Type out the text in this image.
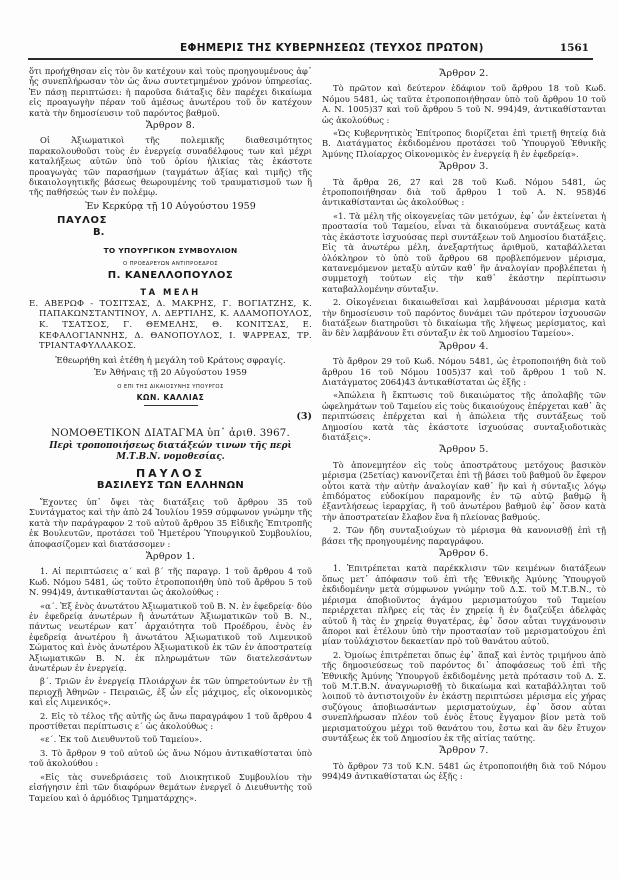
ΕΦΗΜΕΡΙΣ ΤΗΣ ΚΥΒΕΡΝΗΣΕΩΣ (ΤΕΥΧΟΣ ΠΡΩΤΟΝ)	1561

ὅτι προήχθησαν εἰς τὸν ὃν κατέχουν καὶ τοὺς προηγουμένους ἀφ᾽ ἧς συνεπλήρωσαν τὸν ὡς ἄνω συντετμημένον χρόνον ὑπηρεσίας. Ἐν πάσῃ περιπτώσει: ἡ παροῦσα διάταξις δὲν παρέχει δικαίωμα εἰς προαγωγὴν πέραν τοῦ ἀμέσως ἀνωτέρου τοῦ ὃν κατέχουν κατὰ τὴν δημοσίευσιν τοῦ παρόντος βαθμοῦ.

Ἄρθρον 8.

Οἱ Ἀξιωματικοὶ τῆς πολεμικῆς διαθεσιμότητος παρακολουθοῦσι τοὺς ἐν ἐνεργείᾳ συναδέλφους των καὶ μέχρι καταλήξεως αὐτῶν ὑπὸ τοῦ ὁρίου ἡλικίας τὰς ἑκάστοτε προαγωγὰς τῶν παρασήμων (ταγμάτων ἀξίας καὶ τιμῆς) τῆς δικαιολογητικῆς βάσεως θεωρουμένης τοῦ τραυματισμοῦ των ἢ τῆς παθήσεώς των ἐν πολέμῳ.

Ἐν Κερκύρᾳ τῇ 10 Αὐγούστου 1959
ΠΑΥΛΟΣ
Β.
ΤΟ ΥΠΟΥΡΓΙΚΟΝ ΣΥΜΒΟΥΛΙΟΝ
Ο ΠΡΟΕΔΡΕΥΩΝ ΑΝΤΙΠΡΟΕΔΡΟΣ
Π. ΚΑΝΕΛΛΟΠΟΥΛΟΣ
ΤΑ ΜΕΛΗ

Ε. ΑΒΕΡΩΦ - ΤΟΣΙΤΣΑΣ, Δ. ΜΑΚΡΗΣ, Γ. ΒΟΓΙΑΤΖΗΣ, Κ. ΠΑΠΑΚΩΝΣΤΑΝΤΙΝΟΥ, Λ. ΔΕΡΤΙΛΗΣ, Κ. ΑΔΑΜΟΠΟΥΛΟΣ, Κ. ΤΣΑΤΣΟΣ, Γ. ΘΕΜΕΛΗΣ, Θ. ΚΟΝΙΤΣΑΣ, Ε. ΚΕΦΑΛΟΓΙΑΝΝΗΣ, Δ. ΘΑΝΟΠΟΥΛΟΣ, Ι. ΨΑΡΡΕΑΣ, ΤΡ. ΤΡΙΑΝΤΑΦΥΛΛΑΚΟΣ.

Ἐθεωρήθη καὶ ἐτέθη ἡ μεγάλη τοῦ Κράτους σφραγίς.
Ἐν Ἀθήναις τῇ 20 Αὐγούστου 1959
Ο ΕΠΙ ΤΗΣ ΔΙΚΑΙΟΣΥΝΗΣ ΥΠΟΥΡΓΟΣ
ΚΩΝ. ΚΑΛΛΙΑΣ
(3)
ΝΟΜΟΘΕΤΙΚΟΝ ΔΙΑΤΑΓΜΑ ὑπ᾽ ἀριθ. 3967.
Περὶ τροποποιήσεως διατάξεών τινων τῆς περὶ Μ.Τ.Β.Ν. νομοθεσίας.
ΠΑΥΛΟΣ
ΒΑΣΙΛΕΥΣ ΤΩΝ ΕΛΛΗΝΩΝ

Ἔχοντες ὑπ᾽ ὄψει τὰς διατάξεις τοῦ ἄρθρου 35 τοῦ Συντάγματος καὶ τὴν ἀπὸ 24 Ἰουλίου 1959 σύμφωνον γνώμην τῆς κατὰ τὴν παράγραφον 2 τοῦ αὐτοῦ ἄρθρου 35 Εἰδικῆς Ἐπιτροπῆς ἐκ Βουλευτῶν, προτάσει τοῦ Ἡμετέρου Ὑπουργικοῦ Συμβουλίου, ἀποφασίζομεν καὶ διατάσσομεν :

Ἄρθρον 1.

1. Αἱ περιπτώσεις α´ καὶ β´ τῆς παραγρ. 1 τοῦ ἄρθρου 4 τοῦ Κωδ. Νόμου 5481, ὡς τοῦτο ἐτροποποιήθη ὑπὸ τοῦ ἄρθρου 5 τοῦ Ν. 994)49, ἀντικαθίστανται ὡς ἀκολούθως :

«α´. Ἐξ ἑνὸς ἀνωτάτου Ἀξιωματικοῦ τοῦ Β. Ν. ἐν ἐφεδρείᾳ· δύο ἐν ἐφεδρείᾳ ἀνωτέρων ἢ ἀνωτάτων Ἀξιωματικῶν τοῦ Β. Ν., πάντως νεωτέρων κατ᾽ ἀρχαιότητα τοῦ Προέδρου, ἑνὸς ἐν ἐφεδρείᾳ ἀνωτέρου ἢ ἀνωτάτου Ἀξιωματικοῦ τοῦ Λιμενικοῦ Σώματος καὶ ἑνὸς ἀνωτέρου Ἀξιωματικοῦ ἐκ τῶν ἐν ἀποστρατείᾳ Ἀξιωματικῶν Β. Ν. ἐκ πληρωμάτων τῶν διατελεσάντων ἀνωτέρων ἐν ἐνεργείᾳ.

β´. Τριῶν ἐν ἐνεργείᾳ Πλοιάρχων ἐκ τῶν ὑπηρετούντων ἐν τῇ περιοχῇ Ἀθηνῶν - Πειραιῶς, ἐξ ὧν εἷς μάχιμος, εἷς οἰκονομικὸς καὶ εἷς Λιμενικός».

2. Εἰς τὸ τέλος τῆς αὐτῆς ὡς ἄνω παραγράφου 1 τοῦ ἄρθρου 4 προστίθεται περίπτωσις ε´ ὡς ἀκολούθως :

«ε´. Ἐκ τοῦ Διευθυντοῦ τοῦ Ταμείου».

3. Τὸ ἄρθρον 9 τοῦ αὐτοῦ ὡς ἄνω Νόμου ἀντικαθίσταται ὑπὸ τοῦ ἀκολούθου :

«Εἰς τὰς συνεδριάσεις τοῦ Διοικητικοῦ Συμβουλίου τὴν εἰσήγησιν ἐπὶ τῶν διαφόρων θεμάτων ἐνεργεῖ ὁ Διευθυντὴς τοῦ Ταμείου καὶ ὁ ἁρμόδιος Τμηματάρχης».

Ἄρθρον 2.

Τὸ πρῶτον καὶ δεύτερον ἐδάφιον τοῦ ἄρθρου 18 τοῦ Κωδ. Νόμου 5481, ὡς ταῦτα ἐτροποποιήθησαν ὑπὸ τοῦ ἄρθρου 10 τοῦ Α. Ν. 1005)37 καὶ τοῦ ἄρθρου 5 τοῦ Ν. 994)49, ἀντικαθίστανται ὡς ἀκολούθως :

«Ὡς Κυβερνητικὸς Ἐπίτροπος διορίζεται ἐπὶ τριετῇ θητείᾳ διὰ Β. Διατάγματος ἐκδιδομένου προτάσει τοῦ Ὑπουργοῦ Ἐθνικῆς Ἀμύνης Πλοίαρχος Οἰκονομικὸς ἐν ἐνεργείᾳ ἢ ἐν ἐφεδρείᾳ».

Ἄρθρον 3.

Τὰ ἄρθρα 26, 27 καὶ 28 τοῦ Κωδ. Νόμου 5481, ὡς ἐτροποποιήθησαν διὰ τοῦ ἄρθρου 1 τοῦ Α. Ν. 958)46 ἀντικαθίστανται ὡς ἀκολούθως :

«1. Τὰ μέλη τῆς οἰκογενείας τῶν μετόχων, ἐφ᾽ ὧν ἐκτείνεται ἡ προστασία τοῦ Ταμείου, εἶναι τὰ δικαιούμενα συντάξεως κατὰ τὰς ἑκάστοτε ἰσχυούσας περὶ συντάξεων τοῦ Δημοσίου διατάξεις. Εἰς τὰ ἀνωτέρω μέλη, ἀνεξαρτήτως ἀριθμοῦ, καταβάλλεται ὁλόκληρον τὸ ὑπὸ τοῦ ἄρθρου 68 προβλεπόμενον μέρισμα, κατανεμόμενον μεταξὺ αὐτῶν καθ᾽ ἣν ἀναλογίαν προβλέπεται ἡ συμμετοχὴ τούτων εἰς τὴν καθ᾽ ἑκάστην περίπτωσιν καταβαλλομένην σύνταξιν.

2. Οἰκογένειαι δικαιωθεῖσαι καὶ λαμβάνουσαι μέρισμα κατὰ τὴν δημοσίευσιν τοῦ παρόντος δυνάμει τῶν πρότερον ἰσχυουσῶν διατάξεων διατηροῦσι τὸ δικαίωμα τῆς λήψεως μερίσματος, καὶ ἂν δὲν λαμβάνουν ἔτι σύνταξιν ἐκ τοῦ Δημοσίου Ταμείου».

Ἄρθρον 4.

Τὸ ἄρθρον 29 τοῦ Κωδ. Νόμου 5481, ὡς ἐτροποποιήθη διὰ τοῦ ἄρθρου 16 τοῦ Νόμου 1005)37 καὶ τοῦ ἄρθρου 1 τοῦ Ν. Διατάγματος 2064)43 ἀντικαθίσταται ὡς ἑξῆς :

«Ἀπώλεια ἢ ἔκπτωσις τοῦ δικαιώματος τῆς ἀπολαβῆς τῶν ὠφελημάτων τοῦ Ταμείου εἰς τοὺς δικαιούχους ἐπέρχεται καθ᾽ ἃς περιπτώσεις ἐπέρχεται καὶ ἡ ἀπώλεια τῆς συντάξεως τοῦ Δημοσίου κατὰ τὰς ἑκάστοτε ἰσχυούσας συνταξιοδοτικὰς διατάξεις».

Ἄρθρον 5.

Τὸ ἀπονεμητέον εἰς τοὺς ἀποστράτους μετόχους βασικὸν μέρισμα (25ετίας) κανονίζεται ἐπὶ τῇ βάσει τοῦ βαθμοῦ ὃν ἔφερον οὗτοι κατὰ τὴν αὐτὴν ἀναλογίαν καθ᾽ ἣν καὶ ἡ σύνταξις λόγῳ ἐπιδόματος εὐδοκίμου παραμονῆς ἐν τῷ αὐτῷ βαθμῷ ἢ ἐξαντλήσεως ἱεραρχίας, ἢ τοῦ ἀνωτέρου βαθμοῦ ἐφ᾽ ὅσον κατὰ τὴν ἀποστρατείαν ἔλαβον ἕνα ἢ πλείονας βαθμούς.

2. Τῶν ἤδη συνταξιούχων τὸ μέρισμα θὰ κανονισθῇ ἐπὶ τῇ βάσει τῆς προηγουμένης παραγράφου.

Ἄρθρον 6.

1. Ἐπιτρέπεται κατὰ παρέκκλισιν τῶν κειμένων διατάξεων ὅπως μετ᾽ ἀπόφασιν τοῦ ἐπὶ τῆς Ἐθνικῆς Ἀμύνης Ὑπουργοῦ ἐκδιδομένην μετὰ σύμφωνον γνώμην τοῦ Δ.Σ. τοῦ Μ.Τ.Β.Ν., τὸ μέρισμα ἀποβιοῦντος ἀγάμου μερισματούχου τοῦ Ταμείου περιέρχεται πλῆρες εἰς τὰς ἐν χηρείᾳ ἢ ἐν διαζεύξει ἀδελφὰς αὐτοῦ ἢ τὰς ἐν χηρείᾳ θυγατέρας, ἐφ᾽ ὅσον αὗται τυγχάνουσιν ἄποροι καὶ ἐτέλουν ὑπὸ τὴν προστασίαν τοῦ μερισματούχου ἐπὶ μίαν τοὐλάχιστον δεκαετίαν πρὸ τοῦ θανάτου αὐτοῦ.

2. Ὁμοίως ἐπιτρέπεται ὅπως ἐφ᾽ ἅπαξ καὶ ἐντὸς τριμήνου ἀπὸ τῆς δημοσιεύσεως τοῦ παρόντος δι᾽ ἀποφάσεως τοῦ ἐπὶ τῆς Ἐθνικῆς Ἀμύνης Ὑπουργοῦ ἐκδιδομένης μετὰ πρότασιν τοῦ Δ. Σ. τοῦ Μ.Τ.Β.Ν. ἀναγνωρισθῇ τὸ δικαίωμα καὶ καταβάλληται τοῦ λοιποῦ τὸ ἀντιστοιχοῦν ἐν ἑκάστῃ περιπτώσει μέρισμα εἰς χήρας συζύγους ἀποβιωσάντων μερισματούχων, ἐφ᾽ ὅσον αὗται συνεπλήρωσαν πλέον τοῦ ἑνὸς ἔτους ἔγγαμον βίον μετὰ τοῦ μερισματούχου μέχρι τοῦ θανάτου του, ἔστω καὶ ἂν δὲν ἔτυχον συντάξεως ἐκ τοῦ Δημοσίου ἐκ τῆς αἰτίας ταύτης.

Ἄρθρον 7.

Τὸ ἄρθρον 73 τοῦ Κ.Ν. 5481 ὡς ἐτροποποιήθη διὰ τοῦ Νόμου 994)49 ἀντικαθίσταται ὡς ἑξῆς :
